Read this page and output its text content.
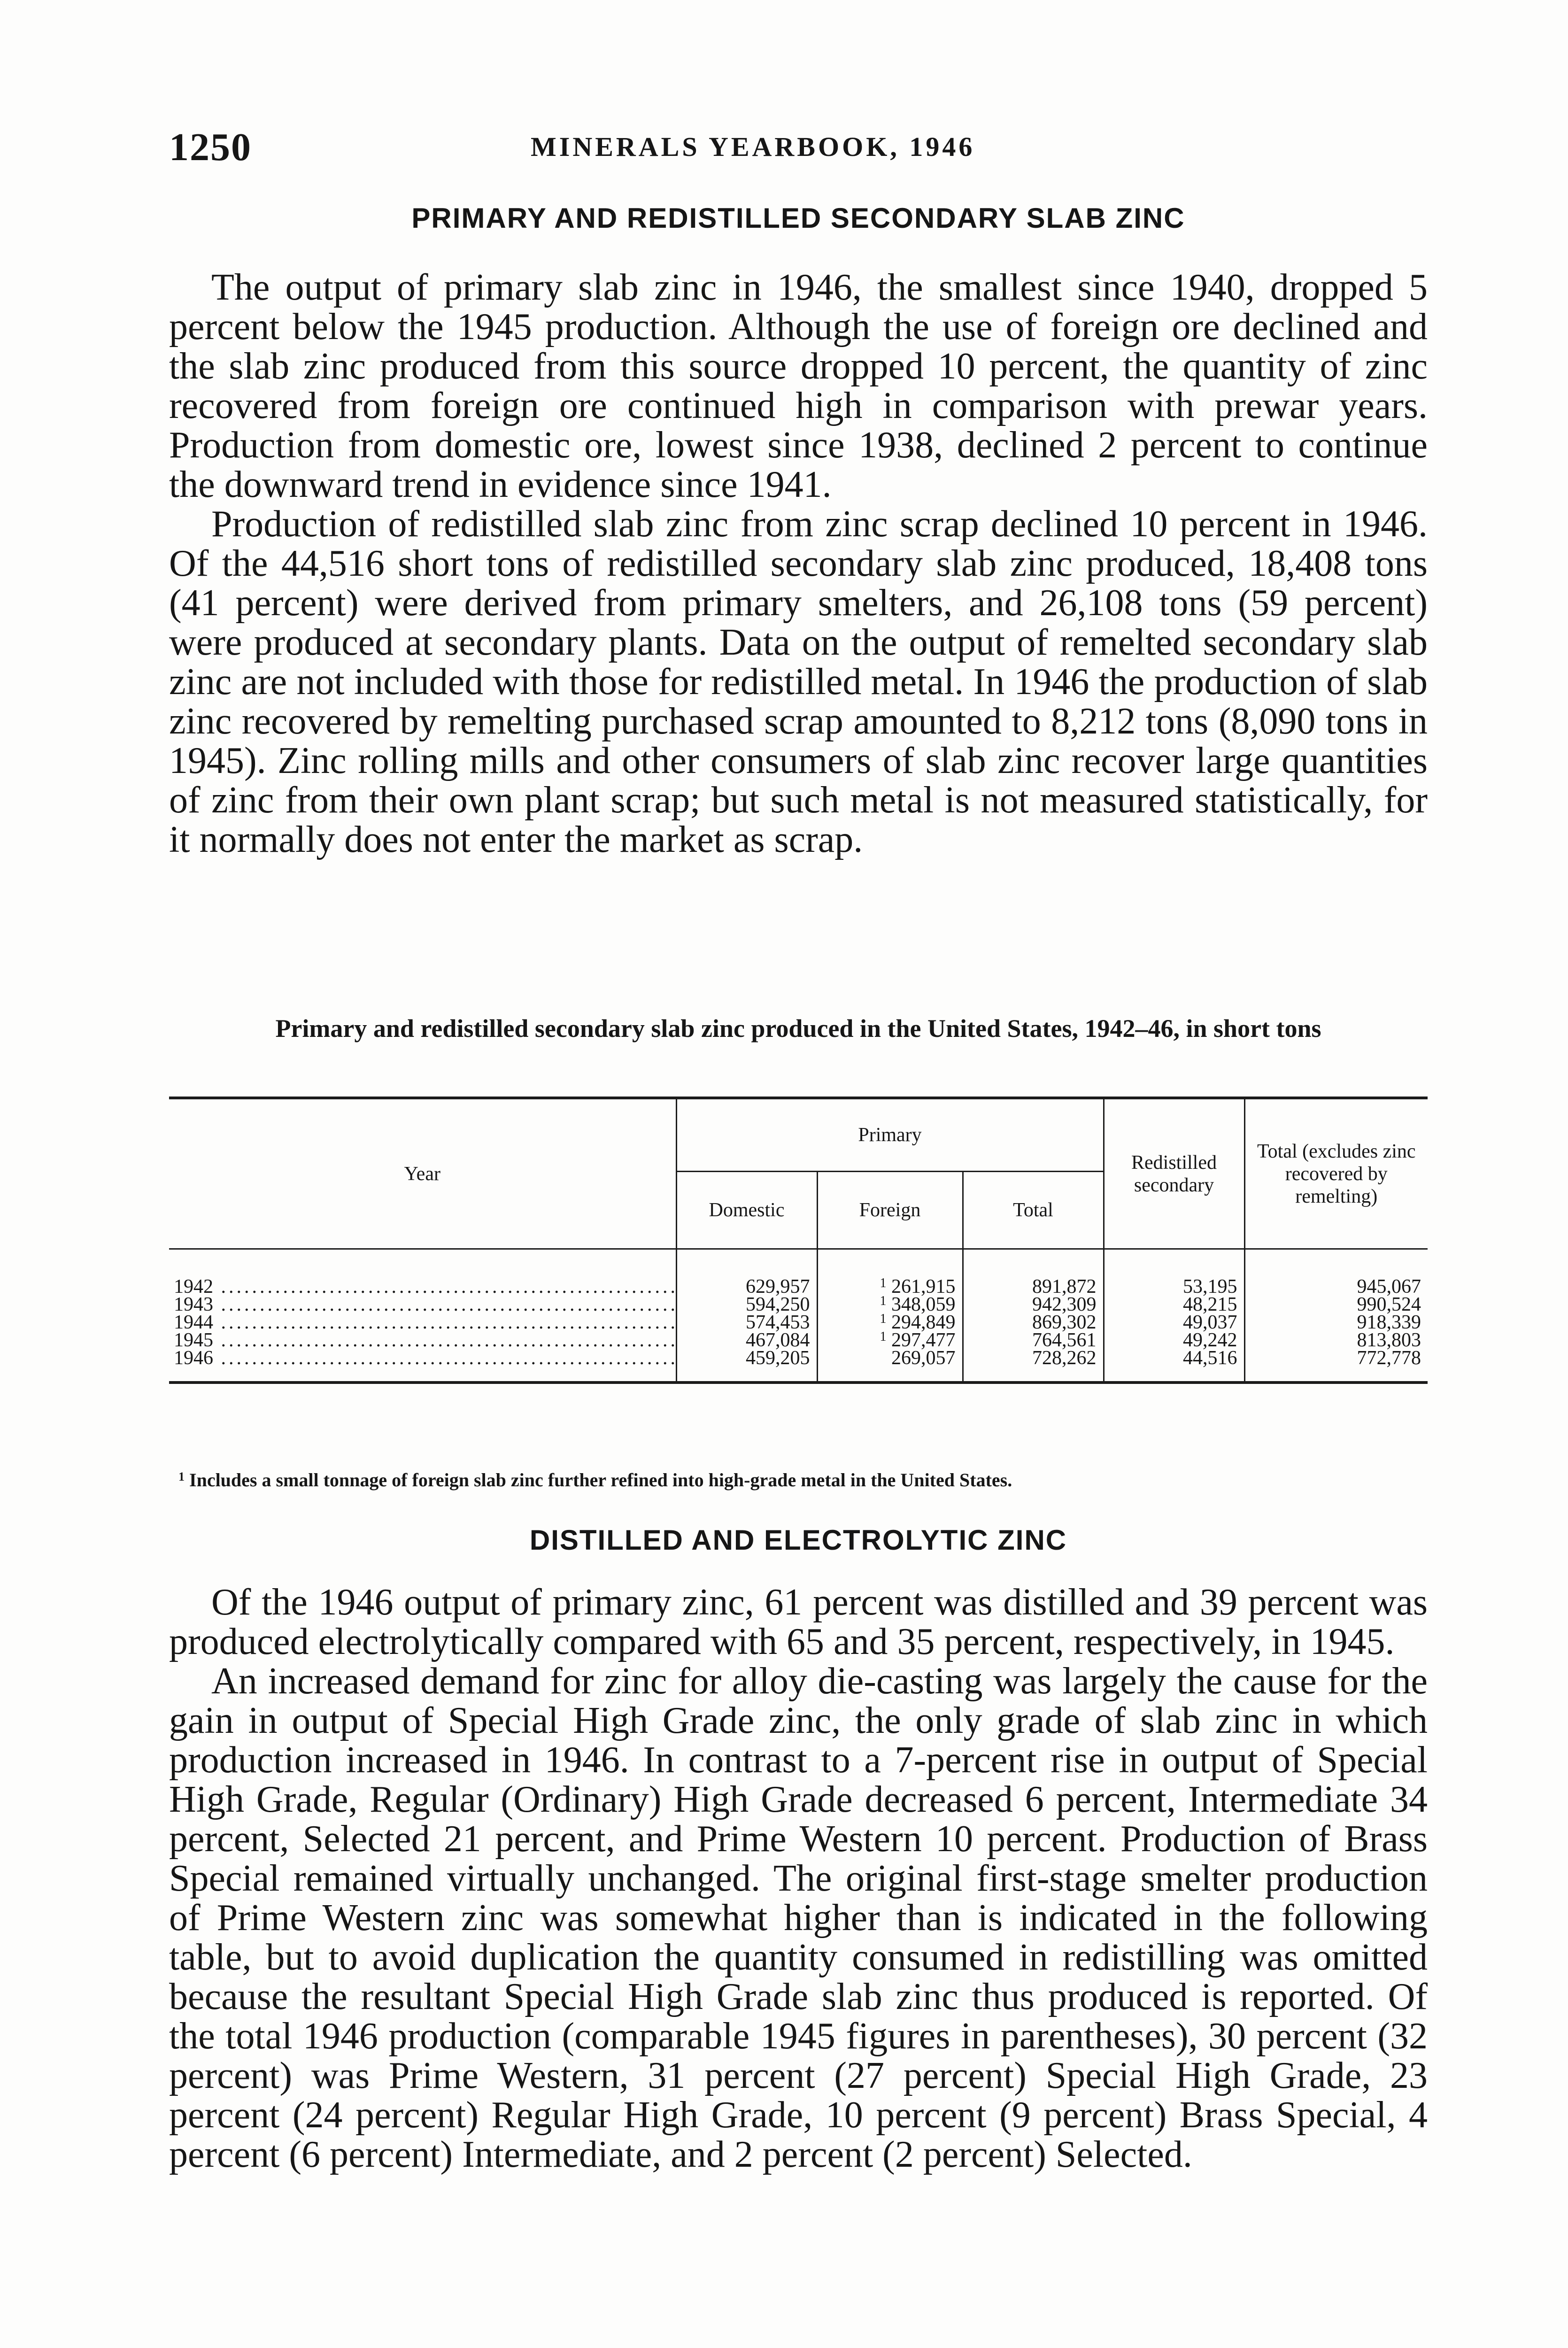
1250	MINERALS YEARBOOK, 1946
PRIMARY AND REDISTILLED SECONDARY SLAB ZINC

The output of primary slab zinc in 1946, the smallest since 1940, dropped 5 percent below the 1945 production. Although the use of foreign ore declined and the slab zinc produced from this source dropped 10 percent, the quantity of zinc recovered from foreign ore continued high in comparison with prewar years. Production from domestic ore, lowest since 1938, declined 2 percent to continue the downward trend in evidence since 1941.

Production of redistilled slab zinc from zinc scrap declined 10 percent in 1946. Of the 44,516 short tons of redistilled secondary slab zinc produced, 18,408 tons (41 percent) were derived from primary smelters, and 26,108 tons (59 percent) were produced at secondary plants. Data on the output of remelted secondary slab zinc are not included with those for redistilled metal. In 1946 the production of slab zinc recovered by remelting purchased scrap amounted to 8,212 tons (8,090 tons in 1945). Zinc rolling mills and other consumers of slab zinc recover large quantities of zinc from their own plant scrap; but such metal is not measured statistically, for it normally does not enter the market as scrap.

Primary and redistilled secondary slab zinc produced in the United States, 1942–46, in short tons
Year	Primary			Redistilled secondary	Total (excludes zinc recovered by remelting)
	Domestic	Foreign	Total		
1942 .....	629,957	$^1$ 261,915	891,872	53,195	945,067
1943 .....	594,250	$^1$ 348,059	942,309	48,215	990,524
1944 .....	574,453	$^1$ 294,849	869,302	49,037	918,339
1945 .....	467,084	$^1$ 297,477	764,561	49,242	813,803
1946 .....	459,205	269,057	728,262	44,516	772,778

$^1$ Includes a small tonnage of foreign slab zinc further refined into high-grade metal in the United States.
DISTILLED AND ELECTROLYTIC ZINC

Of the 1946 output of primary zinc, 61 percent was distilled and 39 percent was produced electrolytically compared with 65 and 35 percent, respectively, in 1945.

An increased demand for zinc for alloy die-casting was largely the cause for the gain in output of Special High Grade zinc, the only grade of slab zinc in which production increased in 1946. In contrast to a 7-percent rise in output of Special High Grade, Regular (Ordinary) High Grade decreased 6 percent, Intermediate 34 percent, Selected 21 percent, and Prime Western 10 percent. Production of Brass Special remained virtually unchanged. The original first-stage smelter production of Prime Western zinc was somewhat higher than is indicated in the following table, but to avoid duplication the quantity consumed in redistilling was omitted because the resultant Special High Grade slab zinc thus produced is reported. Of the total 1946 production (comparable 1945 figures in parentheses), 30 percent (32 percent) was Prime Western, 31 percent (27 percent) Special High Grade, 23 percent (24 percent) Regular High Grade, 10 percent (9 percent) Brass Special, 4 percent (6 percent) Intermediate, and 2 percent (2 percent) Selected.
